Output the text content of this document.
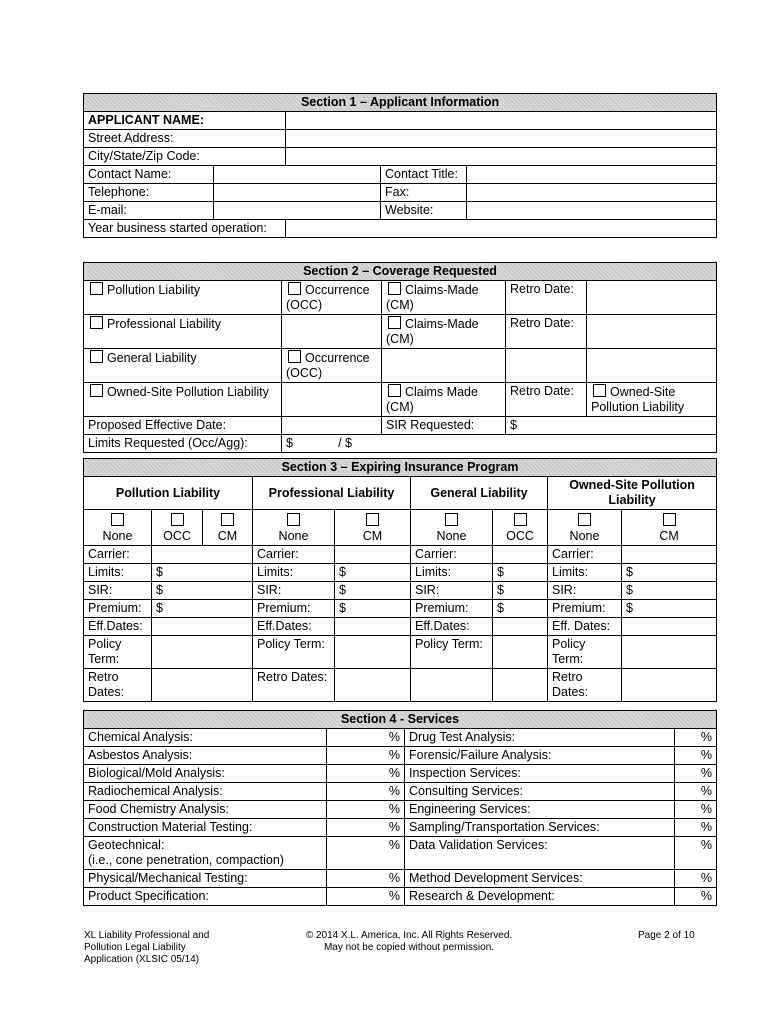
Section 1 – Applicant Information				
APPLICANT NAME:				
Street Address:				
City/State/Zip Code:				
Contact Name:			Contact Title:	
Telephone:			Fax:	
E-mail:			Website:	
Year business started operation:				
Section 2 – Coverage Requested				
Pollution Liability	Occurrence (OCC)	Claims-Made (CM)	Retro Date:	
Professional Liability		Claims-Made (CM)	Retro Date:	
General Liability	Occurrence (OCC)			
Owned-Site Pollution Liability		Claims Made (CM)	Retro Date:	Owned-Site Pollution Liability
Proposed Effective Date:		SIR Requested:	$	
Limits Requested (Occ/Agg):	$             / $			
Section 3 – Expiring Insurance Program								
Pollution Liability			Professional Liability		General Liability		Owned-Site Pollution Liability	

None	OCC	CM	None	CM	None	OCC	None	CM
Carrier:			Carrier:		Carrier:		Carrier:	
Limits:	$		Limits:	$	Limits:	$	Limits:	$
SIR:	$		SIR:	$	SIR:	$	SIR:	$
Premium:	$		Premium:	$	Premium:	$	Premium:	$
Eff.Dates:			Eff.Dates:		Eff.Dates:		Eff. Dates:	
Policy Term:			Policy Term:		Policy Term:		Policy Term:	
Retro Dates:			Retro Dates:				Retro Dates:	
Section 4 - Services			
Chemical Analysis:	%	Drug Test Analysis:	%
Asbestos Analysis:	%	Forensic/Failure Analysis:	%
Biological/Mold Analysis:	%	Inspection Services:	%
Radiochemical Analysis:	%	Consulting Services:	%
Food Chemistry Analysis:	%	Engineering Services:	%
Construction Material Testing:	%	Sampling/Transportation Services:	%
Geotechnical:
(i.e., cone penetration, compaction)	%	Data Validation Services:	%
Physical/Mechanical Testing:	%	Method Development Services:	%
Product Specification:	%	Research & Development:	%
XL Liability Professional and
Pollution Legal Liability
Application (XLSIC 05/14)
© 2014 X.L. America, Inc. All Rights Reserved.
May not be copied without permission.
Page 2 of 10
